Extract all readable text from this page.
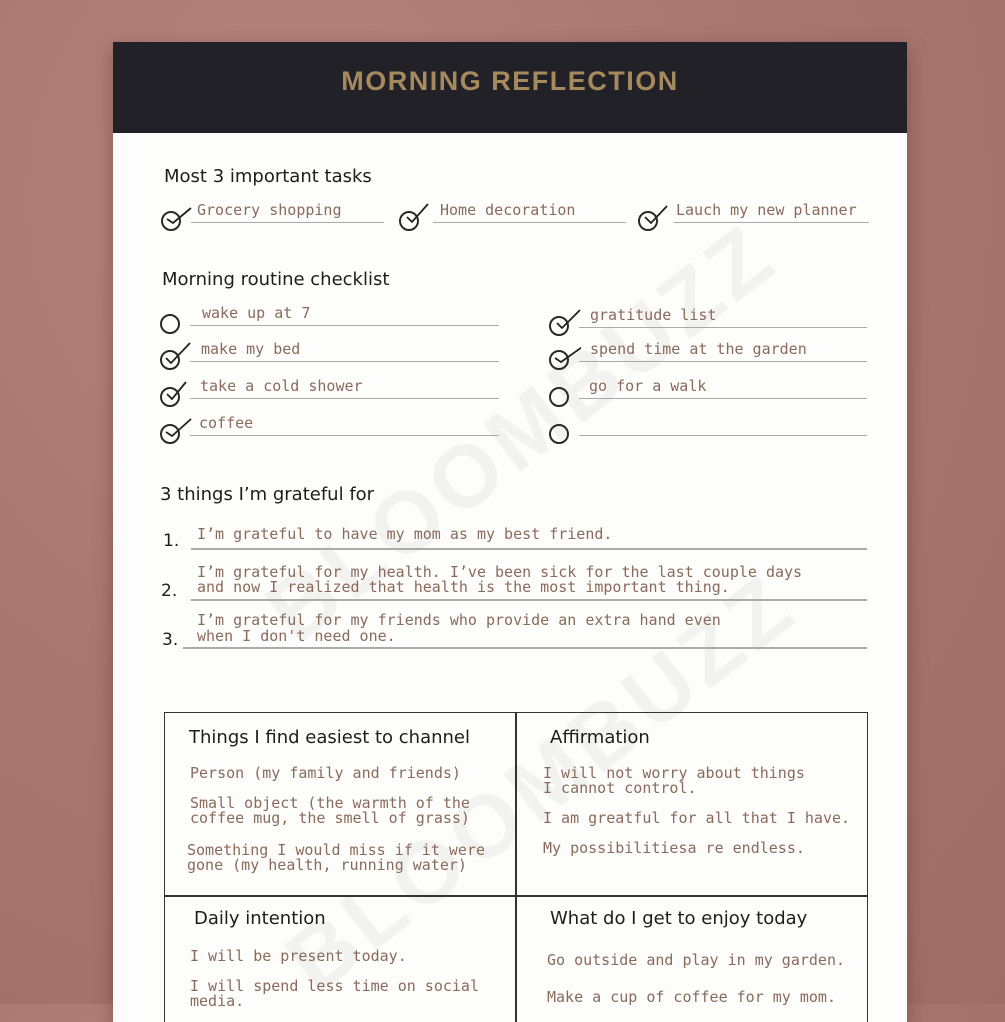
MORNING REFLECTION
Most 3 important tasks
Grocery shopping	Home decoration	Lauch my new planner
Morning routine checklist
wake up at 7
make my bed
take a cold shower
coffee
gratitude list
spend time at the garden
go for a walk
3 things I’m grateful for
1. I’m grateful to have my mom as my best friend.
2.
I’m grateful for my health. I’ve been sick for the last couple days
and now I realized that health is the most important thing.
3.
I’m grateful for my friends who provide an extra hand even
when I don't need one.
Things I find easiest to channel
Person (my family and friends)
Small object (the warmth of the
coffee mug, the smell of grass)
Something I would miss if it were
gone (my health, running water)
Affirmation
I will not worry about things
I cannot control.
I am greatful for all that I have.
My possibilitiesa re endless.
Daily intention
I will be present today.
I will spend less time on social
media.
What do I get to enjoy today
Go outside and play in my garden.
Make a cup of coffee for my mom.
